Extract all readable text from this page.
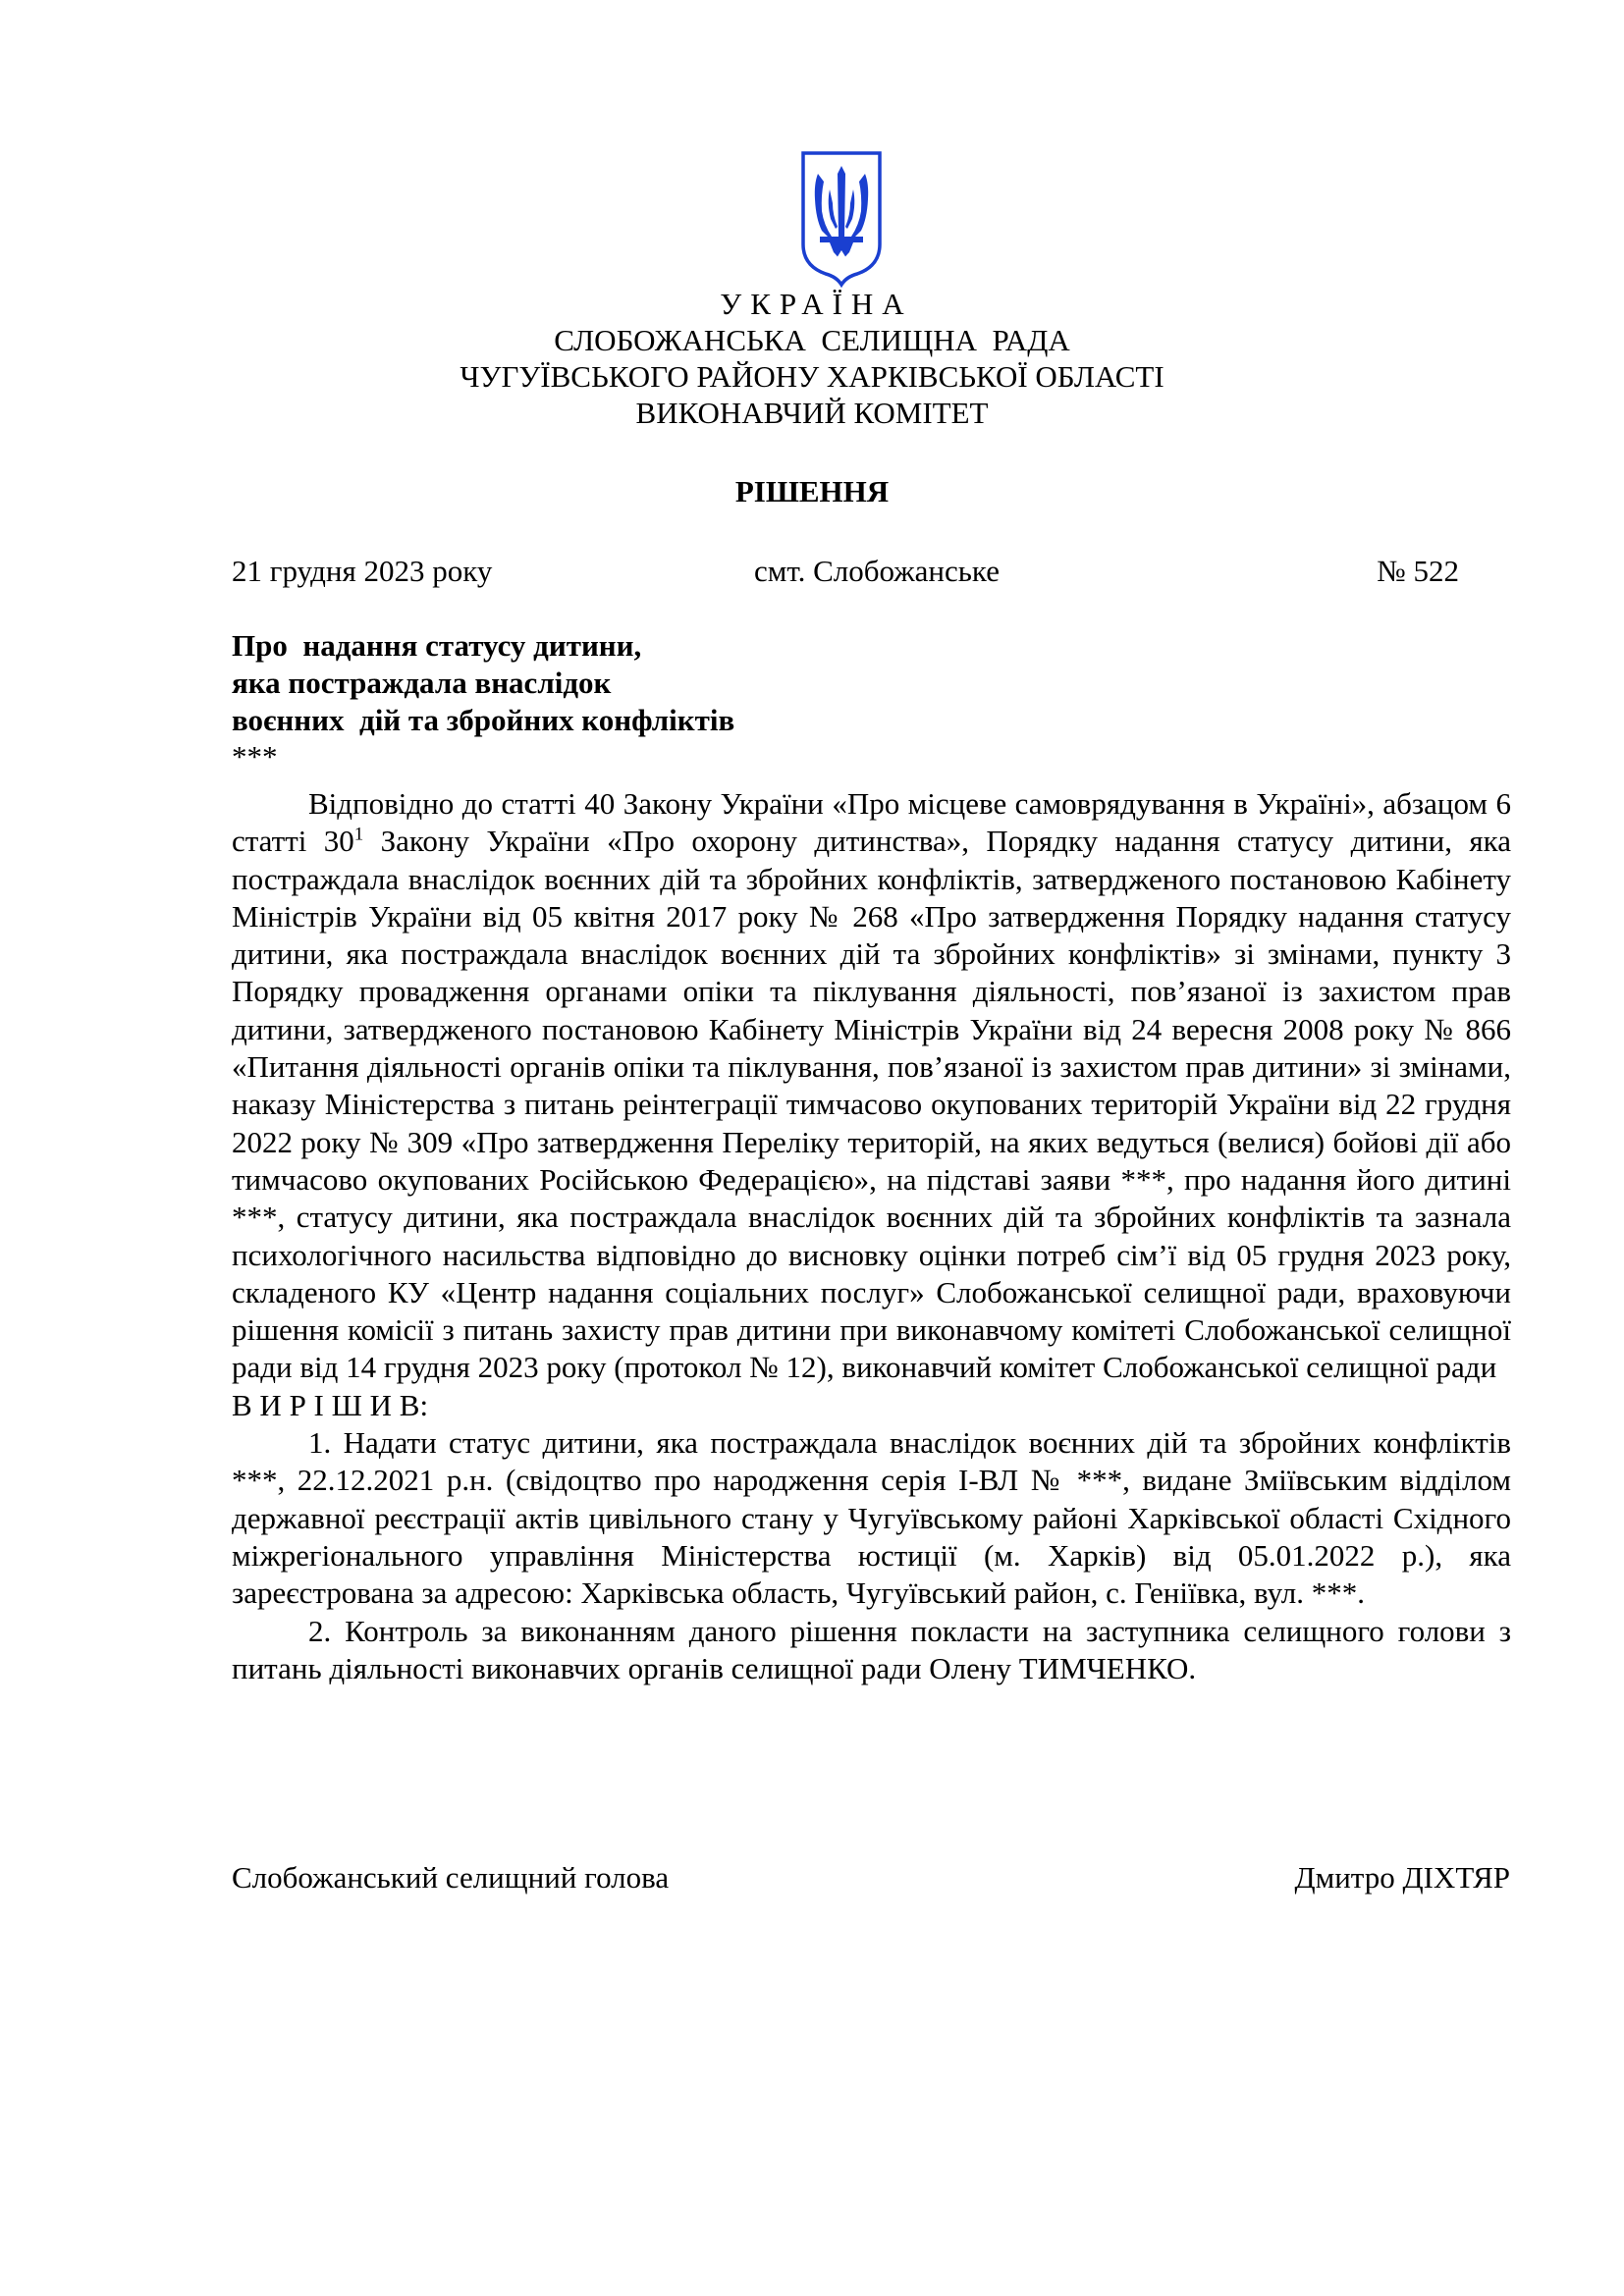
УКРАЇНА
СЛОБОЖАНСЬКА  СЕЛИЩНА  РАДА
ЧУГУЇВСЬКОГО РАЙОНУ ХАРКІВСЬКОЇ ОБЛАСТІ
ВИКОНАВЧИЙ КОМІТЕТ
РІШЕННЯ
21 грудня 2023 року	смт. Слобожанське	№ 522
Про  надання статусу дитини,
яка постраждала внаслідок
воєнних  дій та збройних конфліктів
***

Відповідно до статті 40 Закону України «Про місцеве самоврядування в Україні», абзацом 6 статті $30^1$ Закону України «Про охорону дитинства», Порядку надання статусу дитини, яка постраждала внаслідок воєнних дій та збройних конфліктів, затвердженого постановою Кабінету Міністрів України від 05 квітня 2017 року № 268 «Про затвердження Порядку надання статусу дитини, яка постраждала внаслідок воєнних дій та збройних конфліктів» зі змінами, пункту 3 Порядку провадження органами опіки та піклування діяльності, пов’язаної із захистом прав дитини, затвердженого постановою Кабінету Міністрів України від 24 вересня 2008 року № 866 «Питання діяльності органів опіки та піклування, пов’язаної із захистом прав дитини» зі змінами, наказу Міністерства з питань реінтеграції тимчасово окупованих територій України від 22 грудня 2022 року № 309 «Про затвердження Переліку територій, на яких ведуться (велися) бойові дії або тимчасово окупованих Російською Федерацією», на підставі заяви ***, про надання його дитині ***, статусу дитини, яка постраждала внаслідок воєнних дій та збройних конфліктів та зазнала психологічного насильства відповідно до висновку оцінки потреб сім’ї від 05 грудня 2023 року, складеного КУ «Центр надання соціальних послуг» Слобожанської селищної ради, враховуючи рішення комісії з питань захисту прав дитини при виконавчому комітеті Слобожанської селищної ради від 14 грудня 2023 року (протокол № 12), виконавчий комітет Слобожанської селищної ради

В И Р І Ш И В:

1. Надати статус дитини, яка постраждала внаслідок воєнних дій та збройних конфліктів ***, 22.12.2021 р.н. (свідоцтво про народження серія І-ВЛ № ***, видане Зміївським відділом державної реєстрації актів цивільного стану у Чугуївському районі Харківської області Східного міжрегіонального управління Міністерства юстиції (м. Харків) від 05.01.2022 р.), яка зареєстрована за адресою: Харківська область, Чугуївський район, с. Геніївка, вул. ***.

2. Контроль за виконанням даного рішення покласти на заступника селищного голови з питань діяльності виконавчих органів селищної ради Олену ТИМЧЕНКО.

Слобожанський селищний голова	Дмитро ДІХТЯР
